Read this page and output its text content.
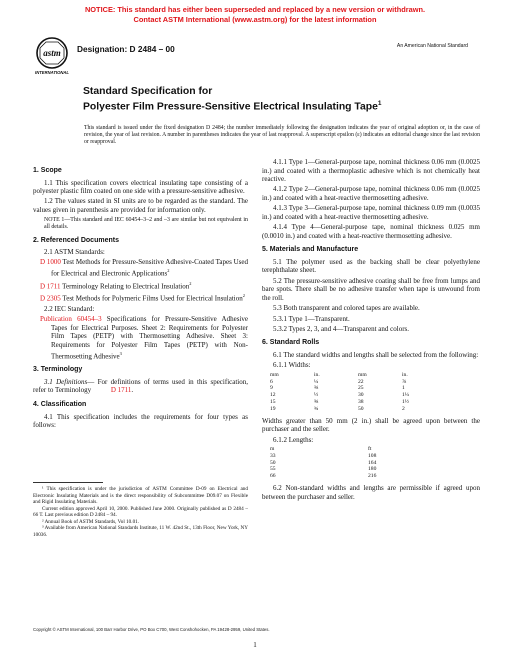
NOTICE: This standard has either been superseded and replaced by a new version or withdrawn.
Contact ASTM International (www.astm.org) for the latest information
astm
INTERNATIONAL
Designation: D 2484 – 00	An American National Standard
Standard Specification for
Polyester Film Pressure-Sensitive Electrical Insulating Tape$^1$
This standard is issued under the fixed designation D 2484; the number immediately following the designation indicates the year of original adoption or, in the case of revision, the year of last revision. A number in parentheses indicates the year of last reapproval. A superscript epsilon (ε) indicates an editorial change since the last revision or reapproval.
1. Scope

1.1 This specification covers electrical insulating tape consisting of a polyester plastic film coated on one side with a pressure-sensitive adhesive.

1.2 The values stated in SI units are to be regarded as the standard. The values given in parenthesis are provided for information only.

NOTE 1—This standard and IEC 60454–3–2 and –3 are similar but not equivalent in all details.
2. Referenced Documents

2.1 ASTM Standards:

D 1000 Test Methods for Pressure-Sensitive Adhesive-Coated Tapes Used for Electrical and Electronic Applications$^2$

D 1711 Terminology Relating to Electrical Insulation$^2$

D 2305 Test Methods for Polymeric Films Used for Electrical Insulation$^2$

2.2 IEC Standard:

Publication 60454–3 Specifications for Pressure-Sensitive Adhesive Tapes for Electrical Purposes. Sheet 2: Requirements for Polyester Film Tapes (PETP) with Thermosetting Adhesive. Sheet 3: Requirements for Polyester Film Tapes (PETP) with Non-Thermosetting Adhesive$^3$

3. Terminology

3.1 Definitions— For definitions of terms used in this specification, refer to Terminology	D 1711.

4. Classification

4.1 This specification includes the requirements for four types as follows:

¹ This specification is under the jurisdiction of ASTM Committee D-09 on Electrical and Electronic Insulating Materials and is the direct responsibility of Subcommittee D09.07 on Flexible and Rigid Insulating Materials.

Current edition approved April 10, 2000. Published June 2000. Originally published as D 2484 – 66 T. Last previous edition D 2484 – 94.

² Annual Book of ASTM Standards, Vol 10.01.

³ Available from American National Standards Institute, 11 W. 42nd St., 13th Floor, New York, NY 10036.

4.1.1 Type 1—General-purpose tape, nominal thickness 0.06 mm (0.0025 in.) and coated with a thermoplastic adhesive which is not chemically heat reactive.

4.1.2 Type 2—General-purpose tape, nominal thickness 0.06 mm (0.0025 in.) and coated with a heat-reactive thermosetting adhesive.

4.1.3 Type 3—General-purpose tape, nominal thickness 0.09 mm (0.0035 in.) and coated with a heat-reactive thermosetting adhesive.

4.1.4 Type 4—General-purpose tape, nominal thickness 0.025 mm (0.0010 in.) and coated with a heat-reactive thermosetting adhesive.

5. Materials and Manufacture

5.1 The polymer used as the backing shall be clear polyethylene terephthalate sheet.

5.2 The pressure-sensitive adhesive coating shall be free from lumps and bare spots. There shall be no adhesive transfer when tape is unwound from the roll.

5.3 Both transparent and colored tapes are available.

5.3.1 Type 1—Transparent.

5.3.2 Types 2, 3, and 4—Transparent and colors.

6. Standard Rolls

6.1 The standard widths and lengths shall be selected from the following:

6.1.1 Widths:

mm	in.	mm	in.
6	¼	22	⅞
9	⅜	25	1
12	½	30	1¼
15	⅝	38	1½
19	¾	50	2

Widths greater than 50 mm (2 in.) shall be agreed upon between the purchaser and the seller.

6.1.2 Lengths:

m	ft
33	108
50	164
55	180
66	216

6.2 Non-standard widths and lengths are permissible if agreed upon between the purchaser and seller.

Copyright © ASTM International, 100 Barr Harbor Drive, PO Box C700, West Conshohocken, PA 19428-2959, United States.
1
